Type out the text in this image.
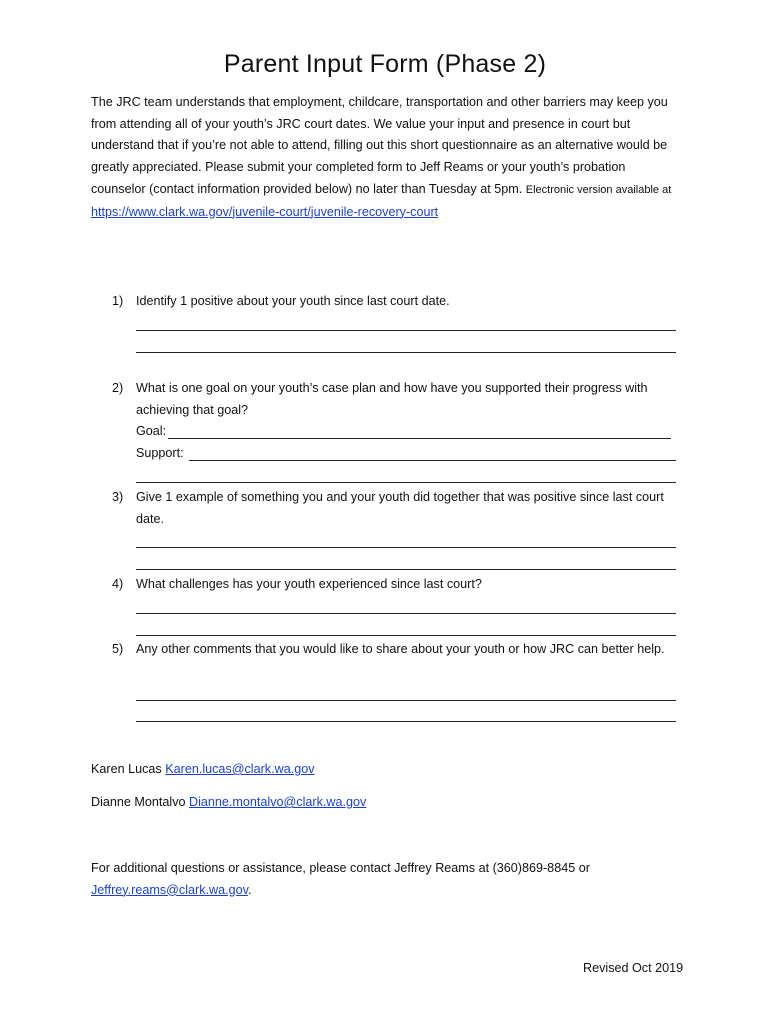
Parent Input Form (Phase 2)
The JRC team understands that employment, childcare, transportation and other barriers may keep you from attending all of your youth’s JRC court dates. We value your input and presence in court but understand that if you’re not able to attend, filling out this short questionnaire as an alternative would be greatly appreciated. Please submit your completed form to Jeff Reams or your youth’s probation counselor (contact information provided below) no later than Tuesday at 5pm. Electronic version available at https://www.clark.wa.gov/juvenile-court/juvenile-recovery-court
1) Identify 1 positive about your youth since last court date.
2) What is one goal on your youth’s case plan and how have you supported their progress with achieving that goal?
Goal:
Support:
3) Give 1 example of something you and your youth did together that was positive since last court date.
4) What challenges has your youth experienced since last court?
5) Any other comments that you would like to share about your youth or how JRC can better help.
Karen Lucas Karen.lucas@clark.wa.gov
Dianne Montalvo Dianne.montalvo@clark.wa.gov
For additional questions or assistance, please contact Jeffrey Reams at (360)869-8845 or
Jeffrey.reams@clark.wa.gov.
Revised Oct 2019
